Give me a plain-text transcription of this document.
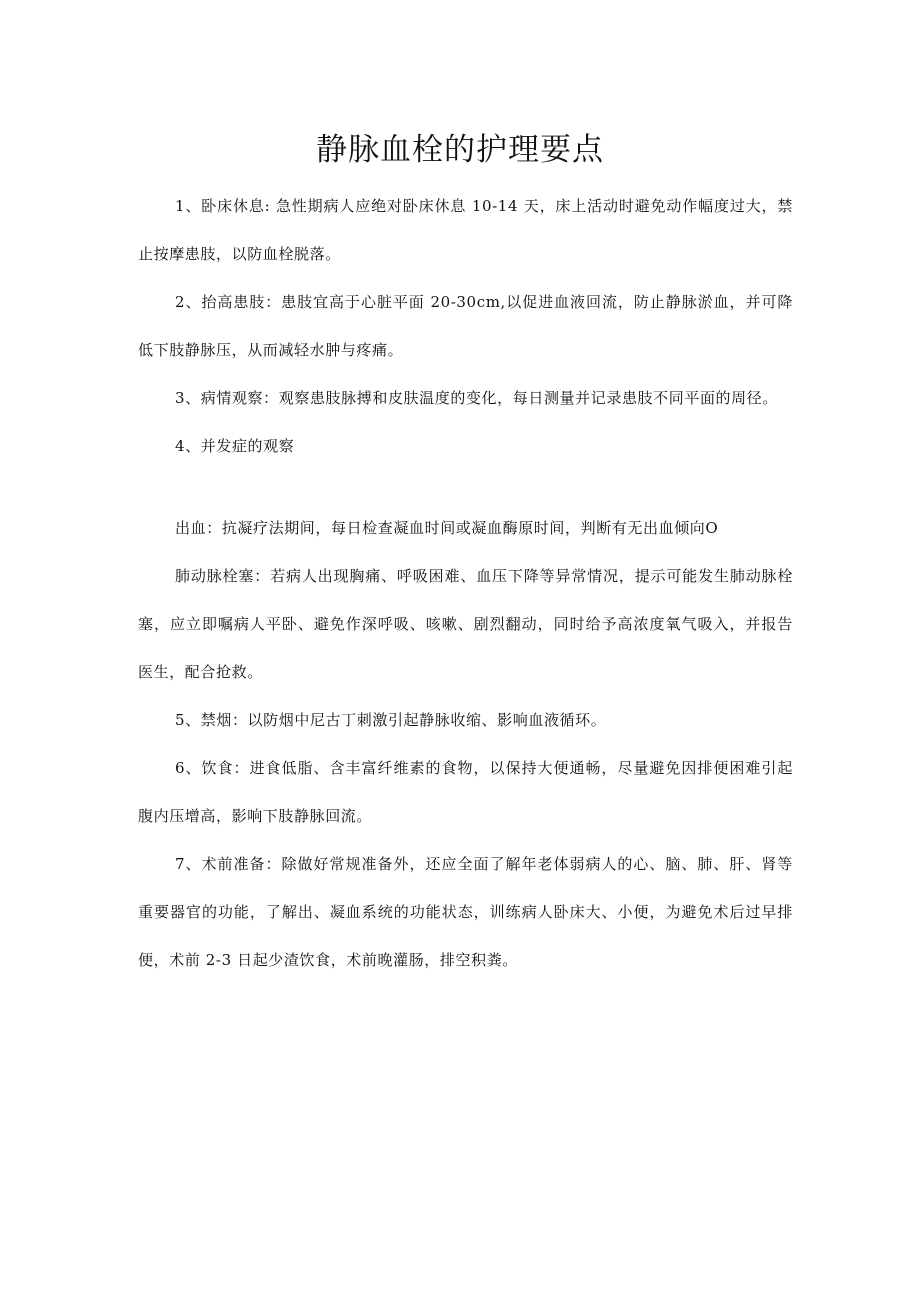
静脉血栓的护理要点

1、卧床休息: 急性期病人应绝对卧床休息 10-14 天，床上活动时避免动作幅度过大，禁止按摩患肢，以防血栓脱落。

2、抬高患肢：患肢宜高于心脏平面 20-30cm,以促进血液回流，防止静脉淤血，并可降低下肢静脉压，从而减轻水肿与疼痛。

3、病情观察：观察患肢脉搏和皮肤温度的变化，每日测量并记录患肢不同平面的周径。

4、并发症的观察

出血：抗凝疗法期间，每日检查凝血时间或凝血酶原时间，判断有无出血倾向O

肺动脉栓塞：若病人出现胸痛、呼吸困难、血压下降等异常情况，提示可能发生肺动脉栓塞，应立即嘱病人平卧、避免作深呼吸、咳嗽、剧烈翻动，同时给予高浓度氧气吸入，并报告医生，配合抢救。

5、禁烟：以防烟中尼古丁刺激引起静脉收缩、影响血液循环。

6、饮食：进食低脂、含丰富纤维素的食物，以保持大便通畅，尽量避免因排便困难引起腹内压增高，影响下肢静脉回流。

7、术前准备：除做好常规准备外，还应全面了解年老体弱病人的心、脑、肺、肝、肾等重要器官的功能，了解出、凝血系统的功能状态，训练病人卧床大、小便，为避免术后过早排便，术前 2-3 日起少渣饮食，术前晚灌肠，排空积粪。
